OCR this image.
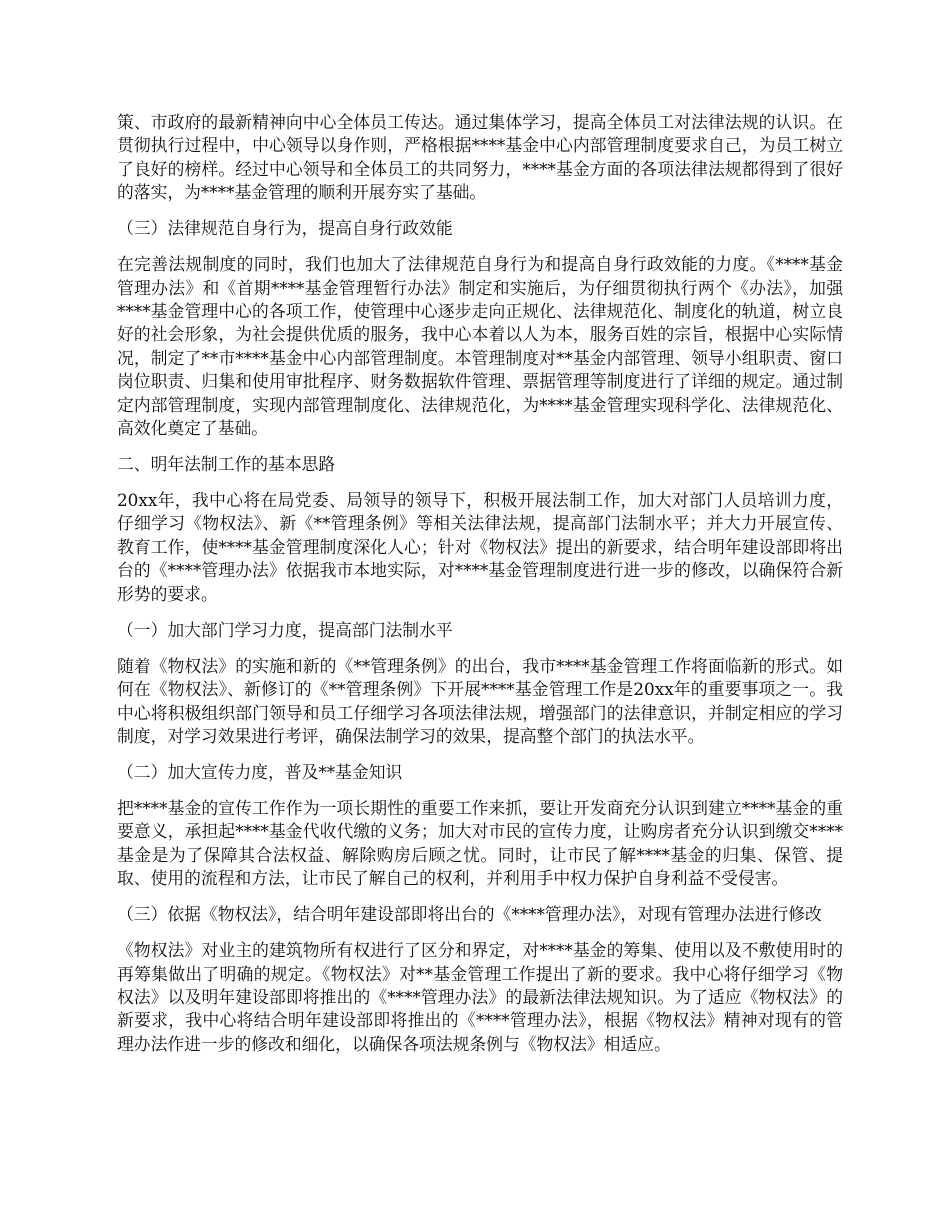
策、市政府的最新精神向中心全体员工传达。通过集体学习，提高全体员工对法律法规的认识。在贯彻执行过程中，中心领导以身作则，严格根据****基金中心内部管理制度要求自己，为员工树立了良好的榜样。经过中心领导和全体员工的共同努力，****基金方面的各项法律法规都得到了很好的落实，为****基金管理的顺利开展夯实了基础。

（三）法律规范自身行为，提高自身行政效能

在完善法规制度的同时，我们也加大了法律规范自身行为和提高自身行政效能的力度。《****基金管理办法》和《首期****基金管理暂行办法》制定和实施后，为仔细贯彻执行两个《办法》，加强****基金管理中心的各项工作，使管理中心逐步走向正规化、法律规范化、制度化的轨道，树立良好的社会形象，为社会提供优质的服务，我中心本着以人为本，服务百姓的宗旨，根据中心实际情况，制定了**市****基金中心内部管理制度。本管理制度对**基金内部管理、领导小组职责、窗口岗位职责、归集和使用审批程序、财务数据软件管理、票据管理等制度进行了详细的规定。通过制定内部管理制度，实现内部管理制度化、法律规范化，为****基金管理实现科学化、法律规范化、高效化奠定了基础。

二、明年法制工作的基本思路

20xx年，我中心将在局党委、局领导的领导下，积极开展法制工作，加大对部门人员培训力度，仔细学习《物权法》、新《**管理条例》等相关法律法规，提高部门法制水平；并大力开展宣传、教育工作，使****基金管理制度深化人心；针对《物权法》提出的新要求，结合明年建设部即将出台的《****管理办法》依据我市本地实际，对****基金管理制度进行进一步的修改，以确保符合新形势的要求。

（一）加大部门学习力度，提高部门法制水平

随着《物权法》的实施和新的《**管理条例》的出台，我市****基金管理工作将面临新的形式。如何在《物权法》、新修订的《**管理条例》下开展****基金管理工作是20xx年的重要事项之一。我中心将积极组织部门领导和员工仔细学习各项法律法规，增强部门的法律意识，并制定相应的学习制度，对学习效果进行考评，确保法制学习的效果，提高整个部门的执法水平。

（二）加大宣传力度，普及**基金知识

把****基金的宣传工作作为一项长期性的重要工作来抓，要让开发商充分认识到建立****基金的重要意义，承担起****基金代收代缴的义务；加大对市民的宣传力度，让购房者充分认识到缴交****基金是为了保障其合法权益、解除购房后顾之忧。同时，让市民了解****基金的归集、保管、提取、使用的流程和方法，让市民了解自己的权利，并利用手中权力保护自身利益不受侵害。

（三）依据《物权法》，结合明年建设部即将出台的《****管理办法》，对现有管理办法进行修改

《物权法》对业主的建筑物所有权进行了区分和界定，对****基金的筹集、使用以及不敷使用时的再筹集做出了明确的规定。《物权法》对**基金管理工作提出了新的要求。我中心将仔细学习《物权法》以及明年建设部即将推出的《****管理办法》的最新法律法规知识。为了适应《物权法》的新要求，我中心将结合明年建设部即将推出的《****管理办法》，根据《物权法》精神对现有的管理办法作进一步的修改和细化，以确保各项法规条例与《物权法》相适应。
